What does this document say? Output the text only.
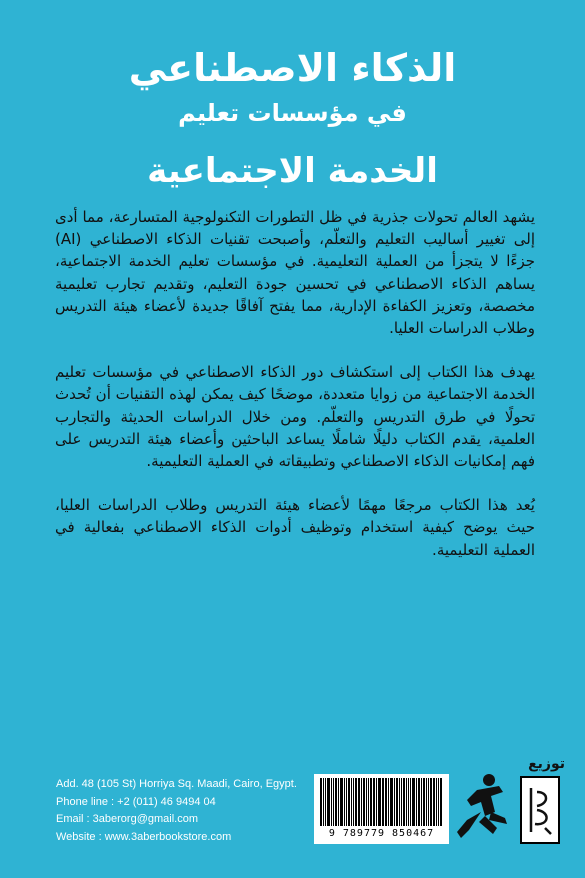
الذكاء الاصطناعي
في مؤسسات تعليم
الخدمة الاجتماعية

يشهد العالم تحولات جذرية في ظل التطورات التكنولوجية المتسارعة، مما أدى إلى تغيير أساليب التعليم والتعلّم، وأصبحت تقنيات الذكاء الاصطناعي (AI) جزءًا لا يتجزأ من العملية التعليمية. في مؤسسات تعليم الخدمة الاجتماعية، يساهم الذكاء الاصطناعي في تحسين جودة التعليم، وتقديم تجارب تعليمية مخصصة، وتعزيز الكفاءة الإدارية، مما يفتح آفاقًا جديدة لأعضاء هيئة التدريس وطلاب الدراسات العليا.

يهدف هذا الكتاب إلى استكشاف دور الذكاء الاصطناعي في مؤسسات تعليم الخدمة الاجتماعية من زوايا متعددة، موضحًا كيف يمكن لهذه التقنيات أن تُحدث تحولًا في طرق التدريس والتعلّم. ومن خلال الدراسات الحديثة والتجارب العلمية، يقدم الكتاب دليلًا شاملًا يساعد الباحثين وأعضاء هيئة التدريس على فهم إمكانيات الذكاء الاصطناعي وتطبيقاته في العملية التعليمية.

يُعد هذا الكتاب مرجعًا مهمًا لأعضاء هيئة التدريس وطلاب الدراسات العليا، حيث يوضح كيفية استخدام وتوظيف أدوات الذكاء الاصطناعي بفعالية في العملية التعليمية.

توزيع
Add. 48 (105 St) Horriya Sq. Maadi, Cairo, Egypt.
Phone line : +2 (011) 46 9494 04
Email : 3aberorg@gmail.com
Website : www.3aberbookstore.com	9 789779 850467
